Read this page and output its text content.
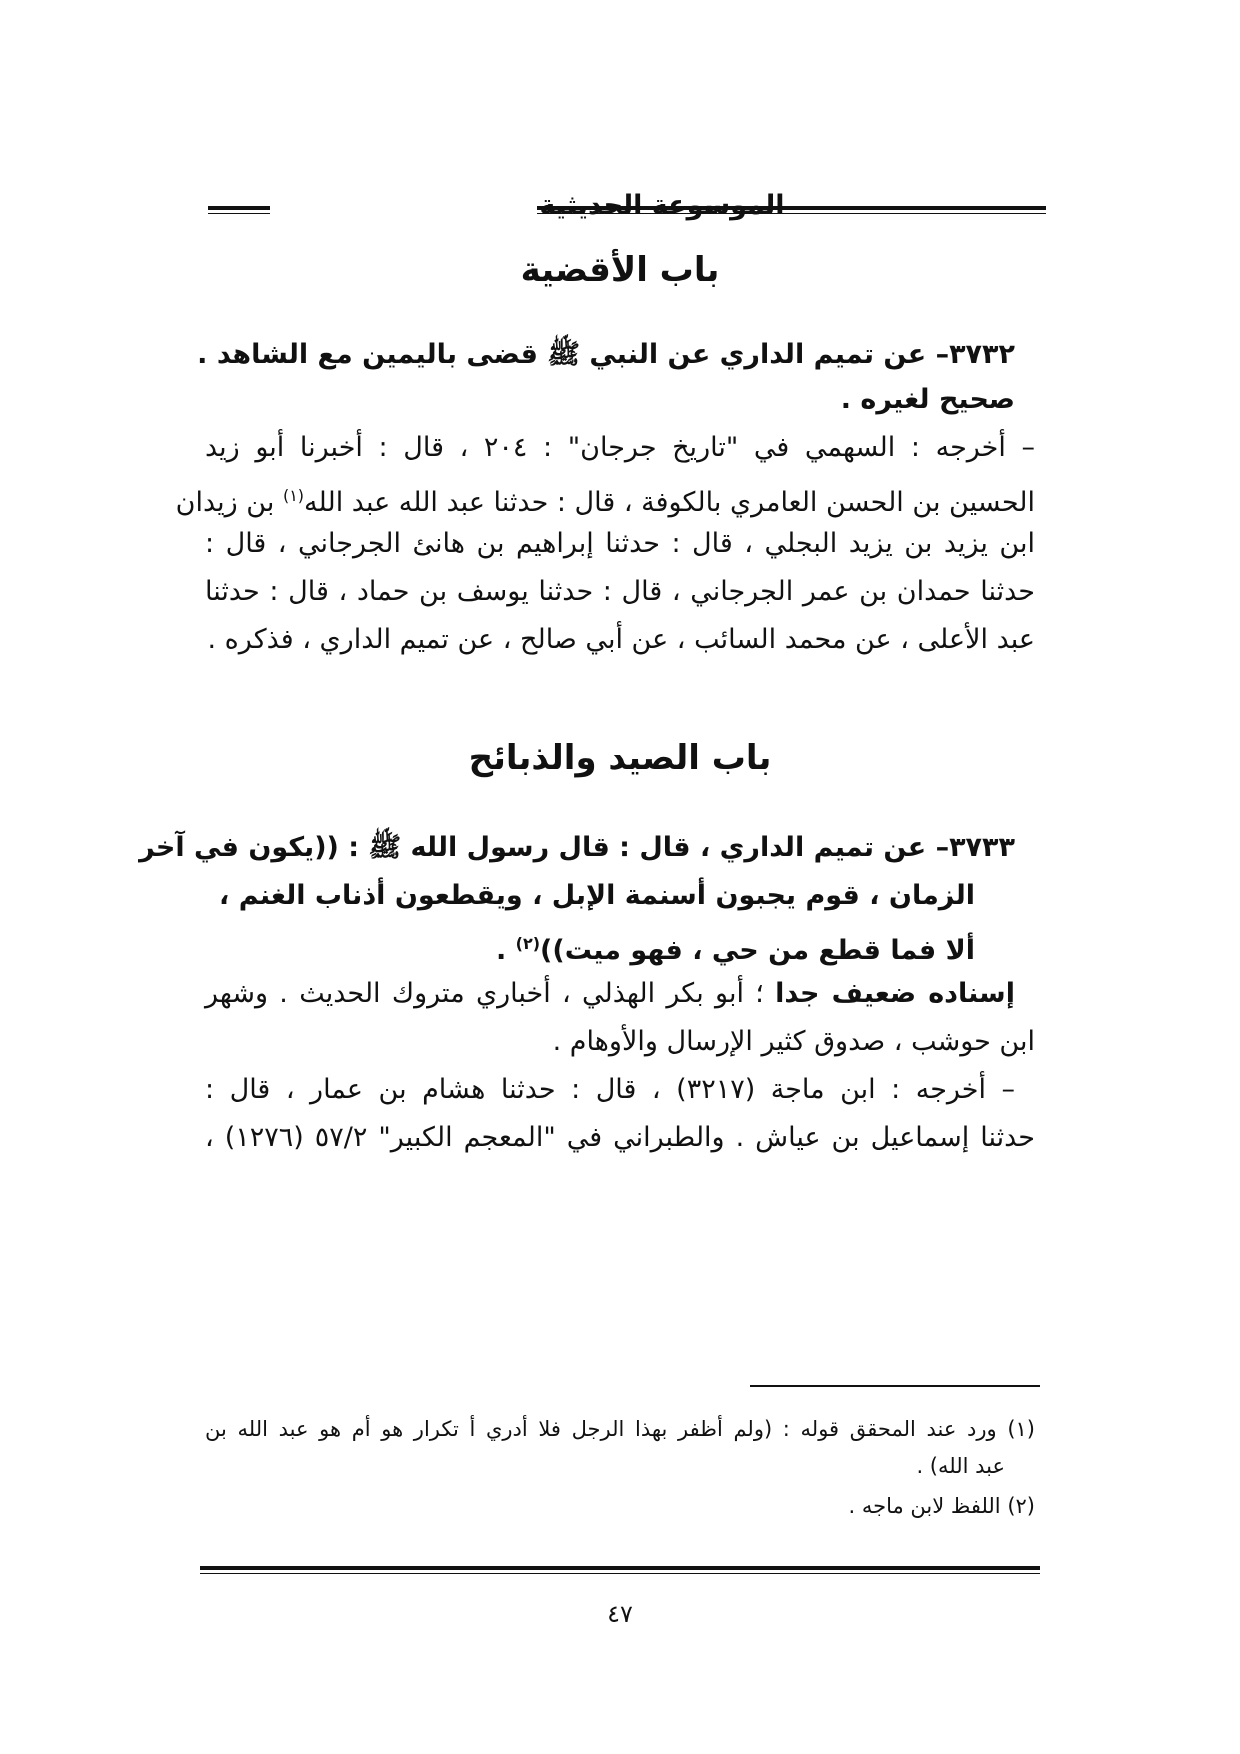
الموسوعة الحديثية
باب الأقضية
٣٧٣٢– عن تميم الداري عن النبي ﷺ قضى باليمين مع الشاهد .
صحيح لغيره .
– أخرجه : السهمي في "تاريخ جرجان" : ٢٠٤ ، قال : أخبرنا أبو زيد
الحسين بن الحسن العامري بالكوفة ، قال : حدثنا عبد الله عبد الله$^{(١)}$ بن زيدان
ابن يزيد بن يزيد البجلي ، قال : حدثنا إبراهيم بن هانئ الجرجاني ، قال :
حدثنا حمدان بن عمر الجرجاني ، قال : حدثنا يوسف بن حماد ، قال : حدثنا
عبد الأعلى ، عن محمد السائب ، عن أبي صالح ، عن تميم الداري ، فذكره .
باب الصيد والذبائح
٣٧٣٣– عن تميم الداري ، قال : قال رسول الله ﷺ : ((يكون في آخر
الزمان ، قوم يجبون أسنمة الإبل ، ويقطعون أذناب الغنم ،
ألا فما قطع من حي ، فهو ميت))$^{(٢)}$ .
إسناده ضعيف جدا ؛ أبو بكر الهذلي ، أخباري متروك الحديث . وشهر
ابن حوشب ، صدوق كثير الإرسال والأوهام .
– أخرجه : ابن ماجة (٣٢١٧) ، قال : حدثنا هشام بن عمار ، قال :
حدثنا إسماعيل بن عياش . والطبراني في "المعجم الكبير" ٥٧/٢ (١٢٧٦) ،
(١) ورد عند المحقق قوله : (ولم أظفر بهذا الرجل فلا أدري أ تكرار هو أم هو عبد الله بن
عبد الله) .
(٢) اللفظ لابن ماجه .
٤٧
